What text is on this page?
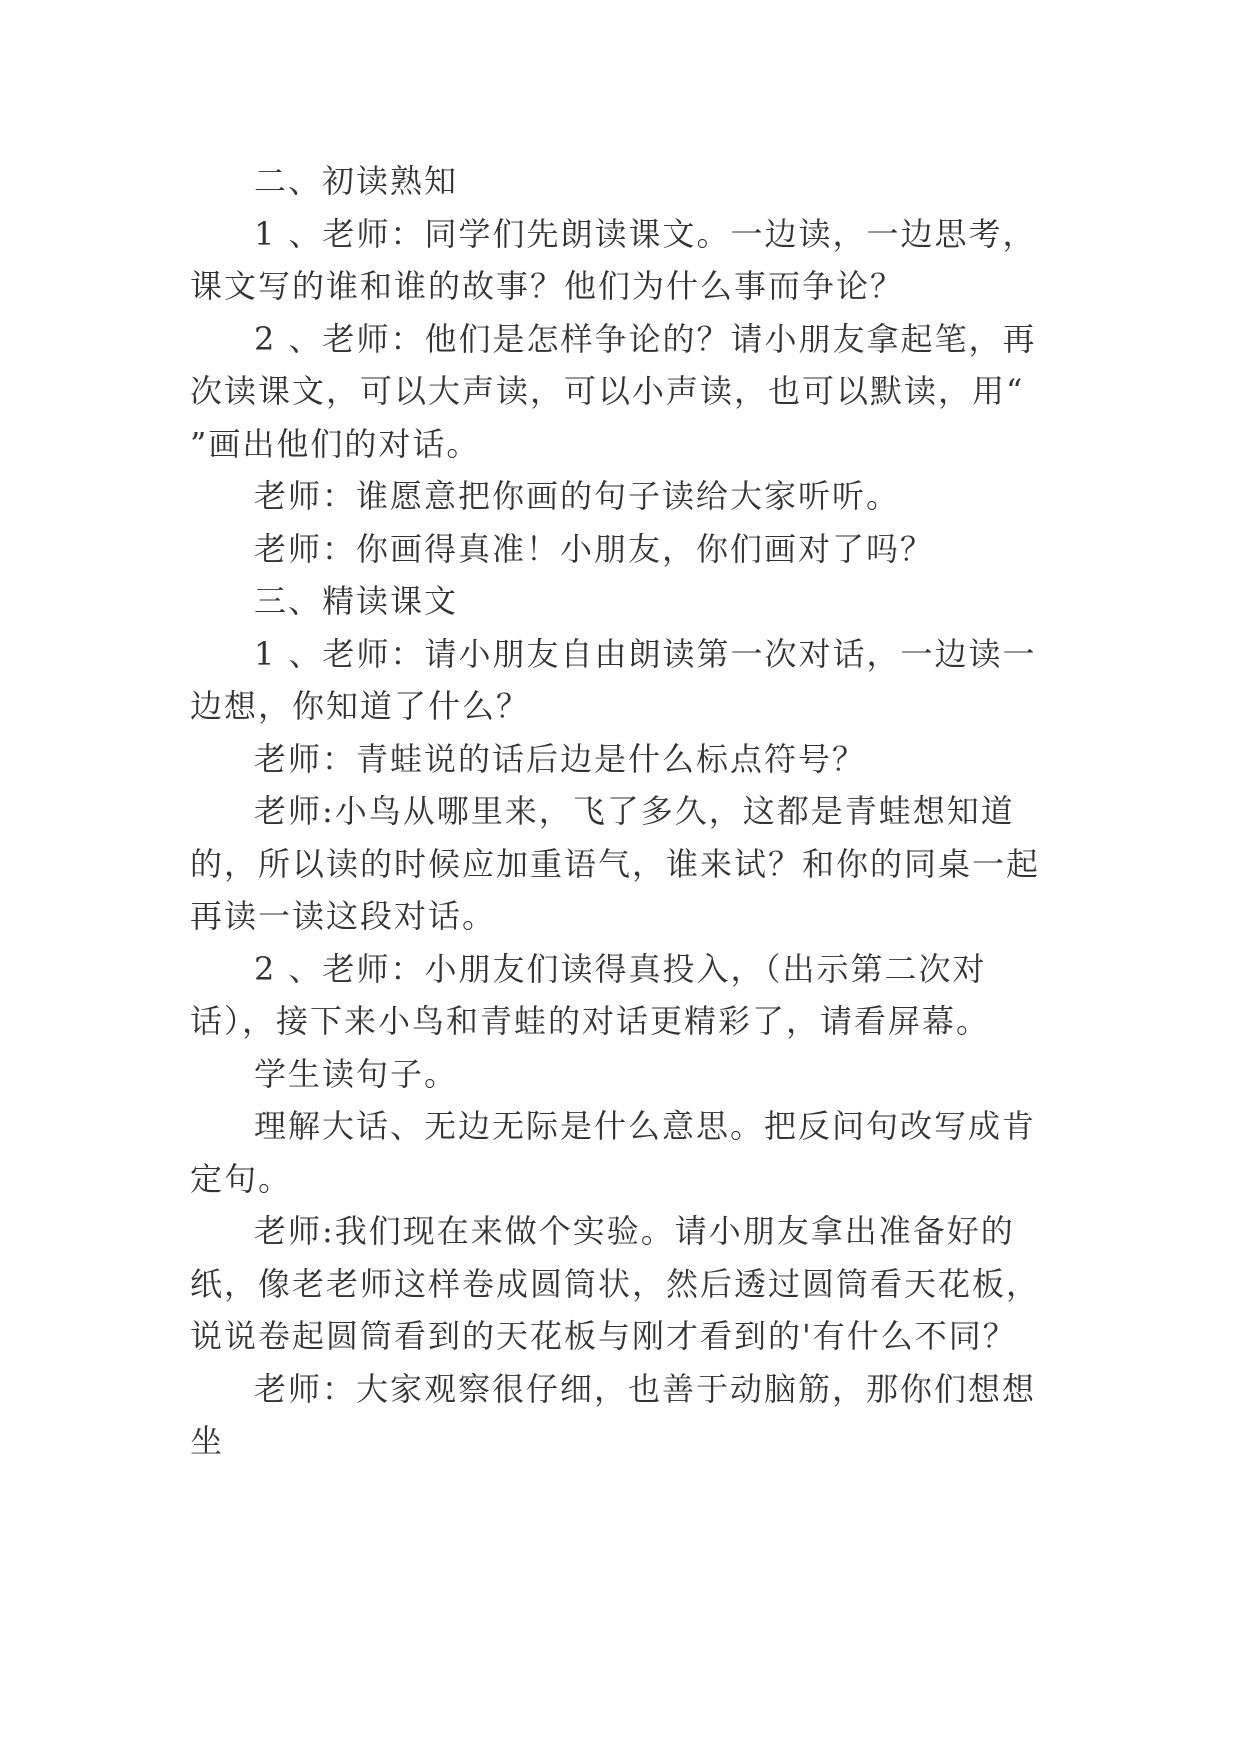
二、初读熟知

1 、老师：同学们先朗读课文。一边读，一边思考，课文写的谁和谁的故事？他们为什么事而争论？

2 、老师：他们是怎样争论的？请小朋友拿起笔，再次读课文，可以大声读，可以小声读，也可以默读，用“ ”画出他们的对话。

老师：谁愿意把你画的句子读给大家听听。

老师：你画得真准！小朋友，你们画对了吗？

三、精读课文

1 、老师：请小朋友自由朗读第一次对话，一边读一边想，你知道了什么？

老师：青蛙说的话后边是什么标点符号？

老师:小鸟从哪里来，飞了多久，这都是青蛙想知道的，所以读的时候应加重语气，谁来试？和你的同桌一起再读一读这段对话。

2 、老师：小朋友们读得真投入，（出示第二次对话），接下来小鸟和青蛙的对话更精彩了，请看屏幕。

学生读句子。

理解大话、无边无际是什么意思。把反问句改写成肯定句。

老师:我们现在来做个实验。请小朋友拿出准备好的纸，像老老师这样卷成圆筒状，然后透过圆筒看天花板，说说卷起圆筒看到的天花板与刚才看到的'有什么不同？

老师：大家观察很仔细，也善于动脑筋，那你们想想坐
